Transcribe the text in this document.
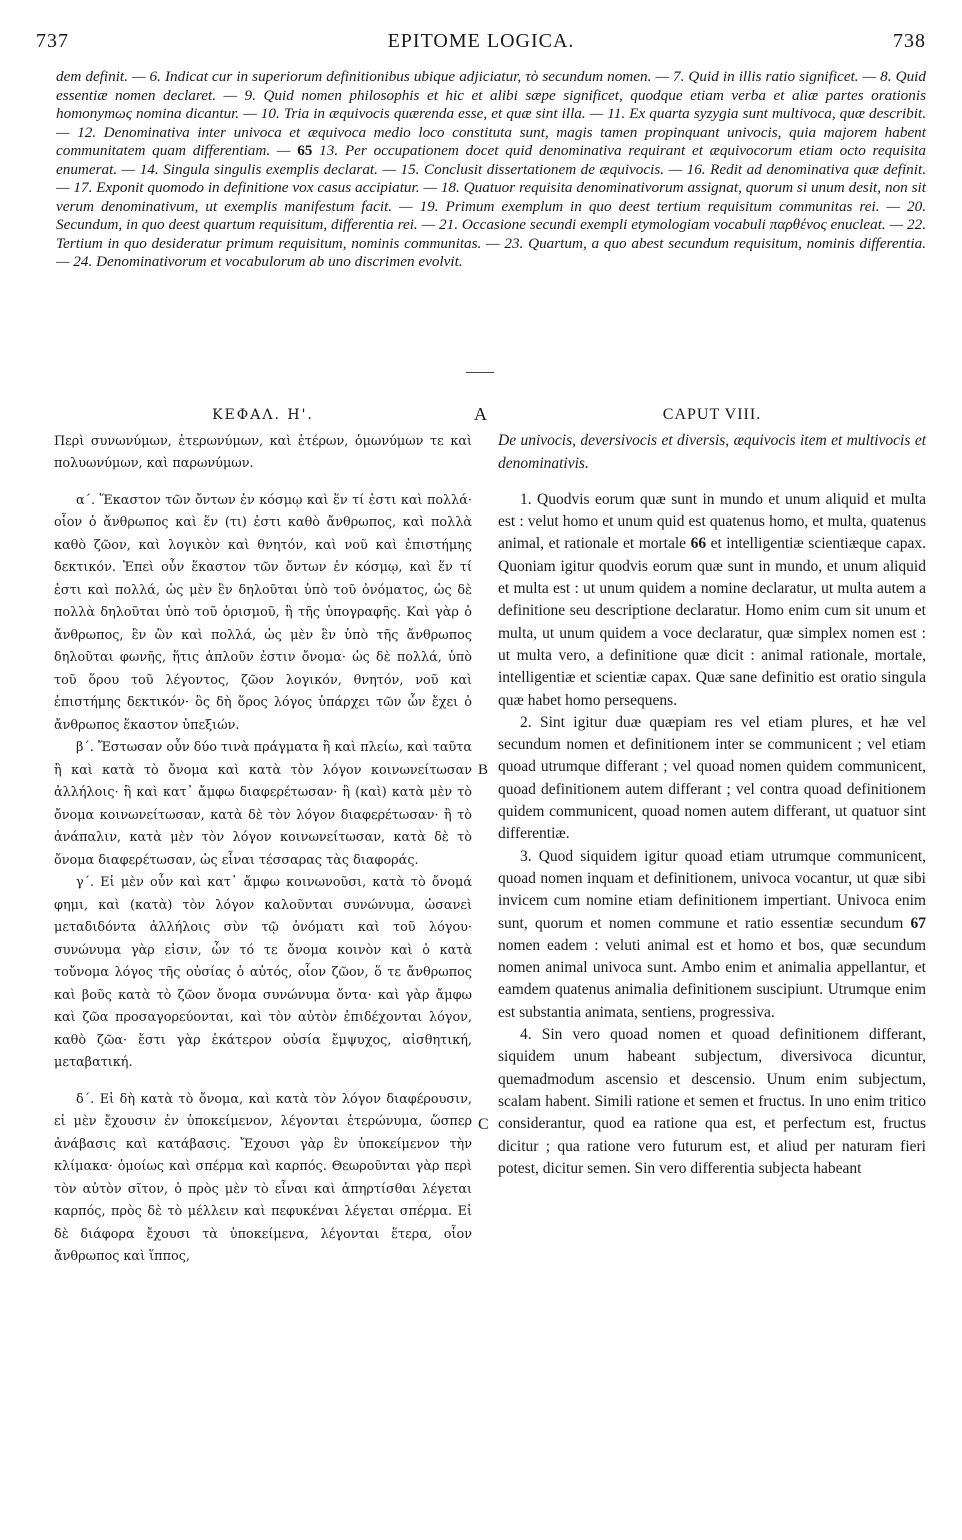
737	EPITOME LOGICA.	738
dem definit. — 6. Indicat cur in superiorum definitionibus ubique adjiciatur, τὸ secundum nomen. — 7. Quid in illis ratio significet. — 8. Quid essentiæ nomen declaret. — 9. Quid nomen philosophis et hic et alibi sæpe significet, quodque etiam verba et aliæ partes orationis homonymως nomina dicantur. — 10. Tria in æquivocis quærenda esse, et quæ sint illa. — 11. Ex quarta syzygia sunt multivoca, quæ describit. — 12. Denominativa inter univoca et æquivoca medio loco constituta sunt, magis tamen propinquant univocis, quia majorem habent communitatem quam differentiam. — 65 13. Per occupationem docet quid denominativa requirant et æquivocorum etiam octo requisita enumerat. — 14. Singula singulis exemplis declarat. — 15. Conclusit dissertationem de æquivocis. — 16. Redit ad denominativa quæ definit. — 17. Exponit quomodo in definitione vox casus accipiatur. — 18. Quatuor requisita denominativorum assignat, quorum si unum desit, non sit verum denominativum, ut exemplis manifestum facit. — 19. Primum exemplum in quo deest tertium requisitum communitas rei. — 20. Secundum, in quo deest quartum requisitum, differentia rei. — 21. Occasione secundi exempli etymologiam vocabuli παρθένος enucleat. — 22. Tertium in quo desideratur primum requisitum, nominis communitas. — 23. Quartum, a quo abest secundum requisitum, nominis differentia. — 24. Denominativorum et vocabulorum ab uno discrimen evolvit.
A
B
C
ΚΕΦΑΛ. Η'.

Περὶ συνωνύμων, ἑτερωνύμων, καὶ ἑτέρων, ὁμωνύμων τε καὶ πολυωνύμων, καὶ παρωνύμων.

α΄. Ἕκαστον τῶν ὄντων ἐν κόσμῳ καὶ ἕν τί ἐστι καὶ πολλά· οἷον ὁ ἄνθρωπος καὶ ἕν (τι) ἐστι καθὸ ἄνθρωπος, καὶ πολλὰ καθὸ ζῶον, καὶ λογικὸν καὶ θνητόν, καὶ νοῦ καὶ ἐπιστήμης δεκτικόν. Ἐπεὶ οὖν ἕκαστον τῶν ὄντων ἐν κόσμῳ, καὶ ἕν τί ἐστι καὶ πολλά, ὡς μὲν ἓν δηλοῦται ὑπὸ τοῦ ὀνόματος, ὡς δὲ πολλὰ δηλοῦται ὑπὸ τοῦ ὁρισμοῦ, ἢ τῆς ὑπογραφῆς. Καὶ γὰρ ὁ ἄνθρωπος, ἓν ὢν καὶ πολλά, ὡς μὲν ἓν ὑπὸ τῆς ἄνθρωπος δηλοῦται φωνῆς, ἥτις ἁπλοῦν ἐστιν ὄνομα· ὡς δὲ πολλά, ὑπὸ τοῦ ὅρου τοῦ λέγοντος, ζῶον λογικόν, θνητόν, νοῦ καὶ ἐπιστήμης δεκτικόν· ὃς δὴ ὅρος λόγος ὑπάρχει τῶν ὧν ἔχει ὁ ἄνθρωπος ἕκαστον ὑπεξιών.

β΄. Ἔστωσαν οὖν δύο τινὰ πράγματα ἢ καὶ πλείω, καὶ ταῦτα ἢ καὶ κατὰ τὸ ὄνομα καὶ κατὰ τὸν λόγον κοινωνείτωσαν ἀλλήλοις· ἢ καὶ κατ᾽ ἄμφω διαφερέτωσαν· ἢ (καὶ) κατὰ μὲν τὸ ὄνομα κοινωνείτωσαν, κατὰ δὲ τὸν λόγον διαφερέτωσαν· ἢ τὸ ἀνάπαλιν, κατὰ μὲν τὸν λόγον κοινωνείτωσαν, κατὰ δὲ τὸ ὄνομα διαφερέτωσαν, ὡς εἶναι τέσσαρας τὰς διαφοράς.

γ΄. Εἰ μὲν οὖν καὶ κατ᾽ ἄμφω κοινωνοῦσι, κατὰ τὸ ὄνομά φημι, καὶ (κατὰ) τὸν λόγον καλοῦνται συνώνυμα, ὡσανεὶ μεταδιδόντα ἀλλήλοις σὺν τῷ ὀνόματι καὶ τοῦ λόγου· συνώνυμα γὰρ εἰσιν, ὧν τό τε ὄνομα κοινὸν καὶ ὁ κατὰ τοὔνομα λόγος τῆς οὐσίας ὁ αὐτός, οἷον ζῶον, ὅ τε ἄνθρωπος καὶ βοῦς κατὰ τὸ ζῶον ὄνομα συνώνυμα ὄντα· καὶ γὰρ ἄμφω καὶ ζῶα προσαγορεύονται, καὶ τὸν αὐτὸν ἐπιδέχονται λόγον, καθὸ ζῶα· ἔστι γὰρ ἑκάτερον οὐσία ἔμψυχος, αἰσθητική, μεταβατική.

δ΄. Εἰ δὴ κατὰ τὸ ὄνομα, καὶ κατὰ τὸν λόγον διαφέρουσιν, εἰ μὲν ἔχουσιν ἐν ὑποκείμενον, λέγονται ἑτερώνυμα, ὥσπερ ἀνάβασις καὶ κατάβασις. Ἔχουσι γὰρ ἓν ὑποκείμενον τὴν κλίμακα· ὁμοίως καὶ σπέρμα καὶ καρπός. Θεωροῦνται γὰρ περὶ τὸν αὐτὸν σῖτον, ὁ πρὸς μὲν τὸ εἶναι καὶ ἀπηρτίσθαι λέγεται καρπός, πρὸς δὲ τὸ μέλλειν καὶ πεφυκέναι λέγεται σπέρμα. Εἰ δὲ διάφορα ἔχουσι τὰ ὑποκείμενα, λέγονται ἕτερα, οἷον ἄνθρωπος καὶ ἵππος,

CAPUT VIII.

De univocis, deversivocis et diversis, æquivocis item et multivocis et denominativis.

1. Quodvis eorum quæ sunt in mundo et unum aliquid et multa est : velut homo et unum quid est quatenus homo, et multa, quatenus animal, et rationale et mortale 66 et intelligentiæ scientiæque capax. Quoniam igitur quodvis eorum quæ sunt in mundo, et unum aliquid et multa est : ut unum quidem a nomine declaratur, ut multa autem a definitione seu descriptione declaratur. Homo enim cum sit unum et multa, ut unum quidem a voce declaratur, quæ simplex nomen est : ut multa vero, a definitione quæ dicit : animal rationale, mortale, intelligentiæ et scientiæ capax. Quæ sane definitio est oratio singula quæ habet homo persequens.

2. Sint igitur duæ quæpiam res vel etiam plures, et hæ vel secundum nomen et definitionem inter se communicent ; vel etiam quoad utrumque differant ; vel quoad nomen quidem communicent, quoad definitionem autem differant ; vel contra quoad definitionem quidem communicent, quoad nomen autem differant, ut quatuor sint differentiæ.

3. Quod siquidem igitur quoad etiam utrumque communicent, quoad nomen inquam et definitionem, univoca vocantur, ut quæ sibi invicem cum nomine etiam definitionem impertiant. Univoca enim sunt, quorum et nomen commune et ratio essentiæ secundum 67 nomen eadem : veluti animal est et homo et bos, quæ secundum nomen animal univoca sunt. Ambo enim et animalia appellantur, et eamdem quatenus animalia definitionem suscipiunt. Utrumque enim est substantia animata, sentiens, progressiva.

4. Sin vero quoad nomen et quoad definitionem differant, siquidem unum habeant subjectum, diversivoca dicuntur, quemadmodum ascensio et descensio. Unum enim subjectum, scalam habent. Simili ratione et semen et fructus. In uno enim tritico considerantur, quod ea ratione qua est, et perfectum est, fructus dicitur ; qua ratione vero futurum est, et aliud per naturam fieri potest, dicitur semen. Sin vero differentia subjecta habeant
